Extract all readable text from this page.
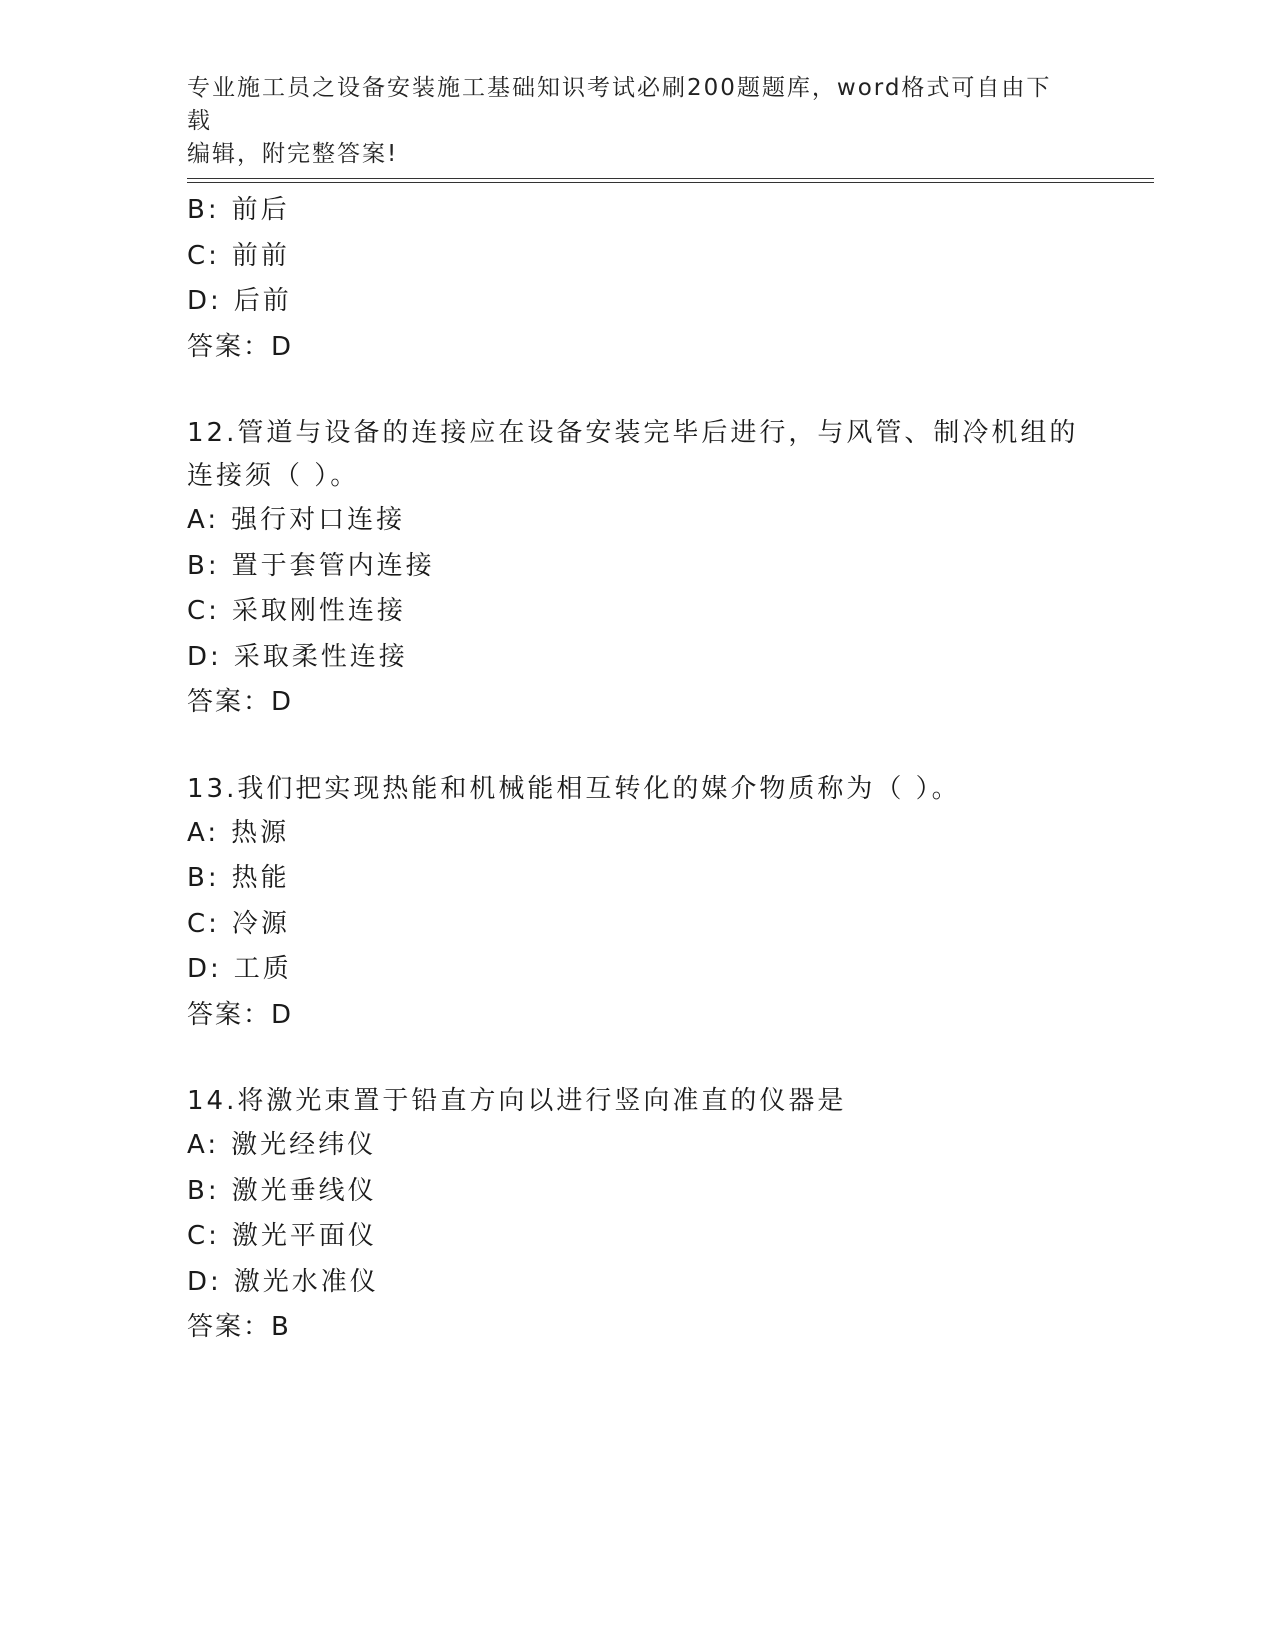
专业施工员之设备安装施工基础知识考试必刷200题题库，word格式可自由下载
编辑，附完整答案!
B: 前后
C: 前前
D: 后前
答案：D
12.管道与设备的连接应在设备安装完毕后进行，与风管、制冷机组的
连接须（ ）。
A: 强行对口连接
B: 置于套管内连接
C: 采取刚性连接
D: 采取柔性连接
答案：D
13.我们把实现热能和机械能相互转化的媒介物质称为（ ）。
A: 热源
B: 热能
C: 冷源
D: 工质
答案：D
14.将激光束置于铅直方向以进行竖向准直的仪器是
A: 激光经纬仪
B: 激光垂线仪
C: 激光平面仪
D: 激光水准仪
答案：B
